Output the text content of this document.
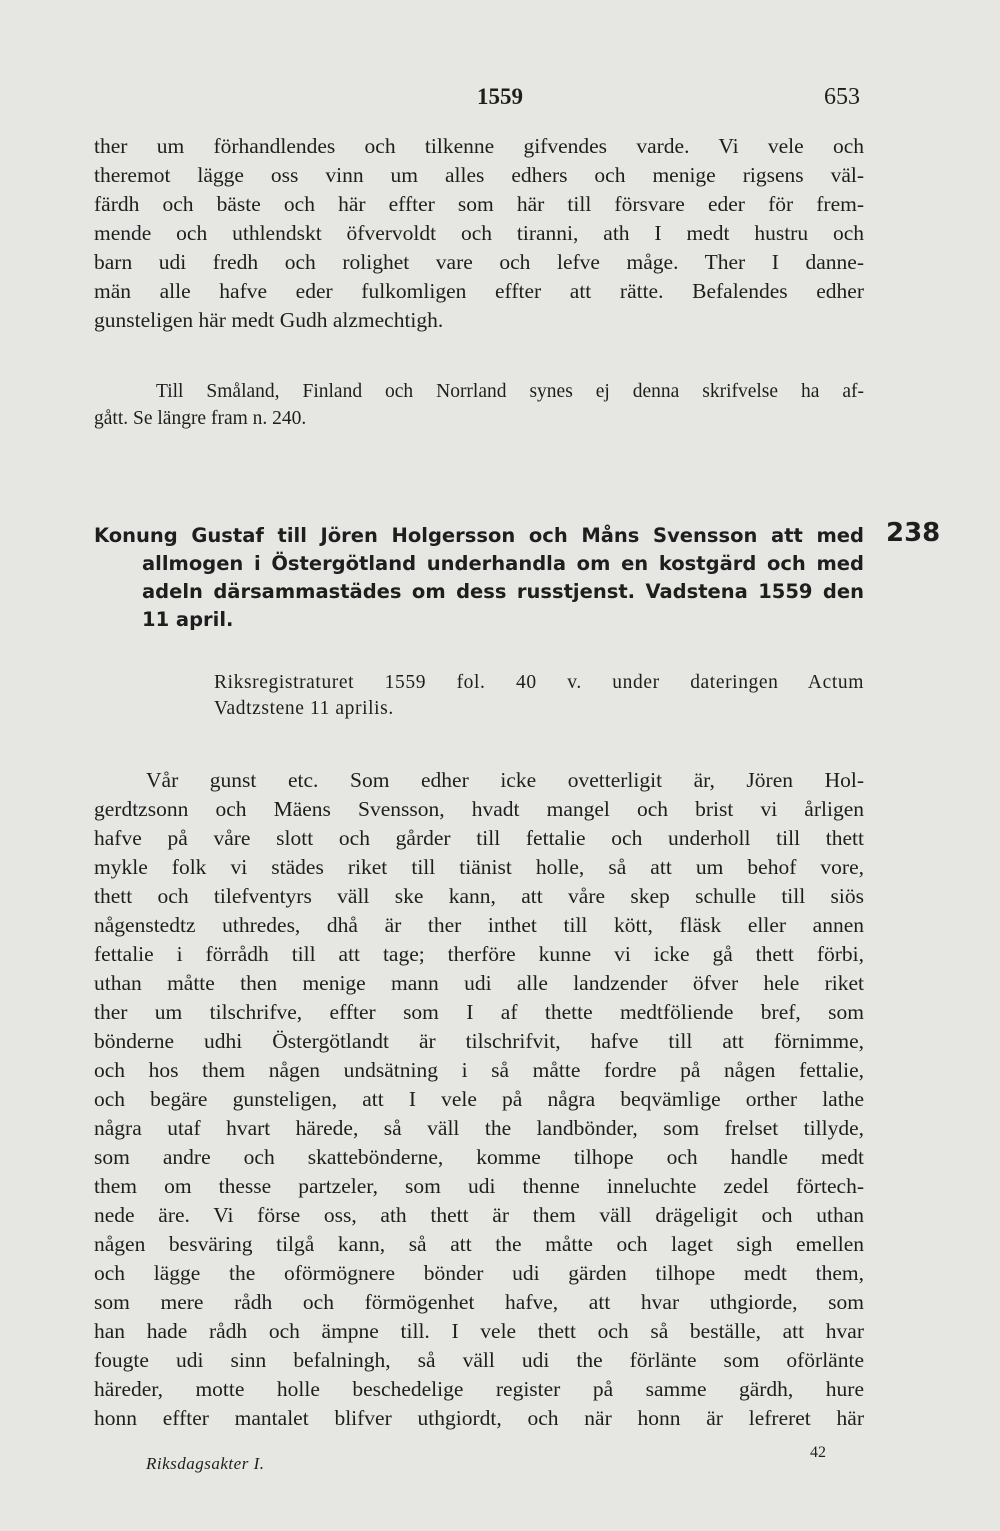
1559	653
ther um förhandlendes och tilkenne gifvendes varde. Vi vele och
theremot lägge oss vinn um alles edhers och menige rigsens väl-
färdh och bäste och här effter som här till försvare eder för frem-
mende och uthlendskt öfvervoldt och tiranni, ath I medt hustru och
barn udi fredh och rolighet vare och lefve måge. Ther I danne-
män alle hafve eder fulkomligen effter att rätte. Befalendes edher
gunsteligen här medt Gudh alzmechtigh.
Till Småland, Finland och Norrland synes ej denna skrifvelse ha af-
gått. Se längre fram n. 240.
Konung Gustaf till Jören Holgersson och Måns Svensson att med
allmogen i Östergötland underhandla om en kostgärd och med
adeln därsammastädes om dess russtjenst. Vadstena 1559 den
11 april.
238
Riksregistraturet 1559 fol. 40 v. under dateringen Actum
Vadtzstene 11 aprilis.
Vår gunst etc. Som edher icke ovetterligit är, Jören Hol-
gerdtzsonn och Mäens Svensson, hvadt mangel och brist vi årligen
hafve på våre slott och gårder till fettalie och underholl till thett
mykle folk vi städes riket till tiänist holle, så att um behof vore,
thett och tilefventyrs väll ske kann, att våre skep schulle till siös
någenstedtz uthredes, dhå är ther inthet till kött, fläsk eller annen
fettalie i förrådh till att tage; therföre kunne vi icke gå thett förbi,
uthan måtte then menige mann udi alle landzender öfver hele riket
ther um tilschrifve, effter som I af thette medtföliende bref, som
bönderne udhi Östergötlandt är tilschrifvit, hafve till att förnimme,
och hos them någen undsätning i så måtte fordre på någen fettalie,
och begäre gunsteligen, att I vele på några beqvämlige orther lathe
några utaf hvart härede, så väll the landbönder, som frelset tillyde,
som andre och skattebönderne, komme tilhope och handle medt
them om thesse partzeler, som udi thenne inneluchte zedel förtech-
nede äre. Vi förse oss, ath thett är them väll drägeligit och uthan
någen besväring tilgå kann, så att the måtte och laget sigh emellen
och lägge the oförmögnere bönder udi gärden tilhope medt them,
som mere rådh och förmögenhet hafve, att hvar uthgiorde, som
han hade rådh och ämpne till. I vele thett och så beställe, att hvar
fougte udi sinn befalningh, så väll udi the förlänte som oförlänte
häreder, motte holle beschedelige register på samme gärdh, hure
honn effter mantalet blifver uthgiordt, och när honn är lefreret här
Riksdagsakter I.
42
